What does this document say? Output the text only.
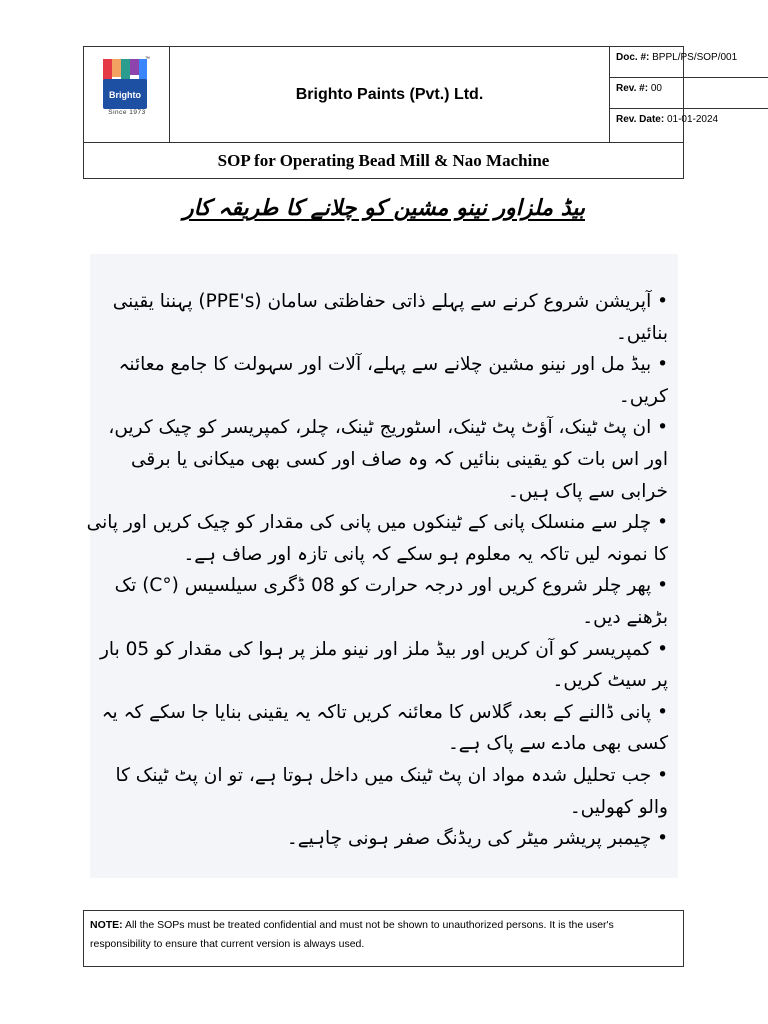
Brighto
™
Since 1973
Brighto Paints (Pvt.) Ltd.
Doc. #: BPPL/PS/SOP/001
Rev. #: 00
Rev. Date: 01-01-2024
SOP for Operating Bead Mill & Nao Machine
بیڈ ملزاور نینو مشین کو چلانے کا طریقہ کار
• آپریشن شروع کرنے سے پہلے ذاتی حفاظتی سامان (PPE's) پہننا یقینی بنائیں۔
• بیڈ مل اور نینو مشین چلانے سے پہلے، آلات اور سہولت کا جامع معائنہ کریں۔
• ان پٹ ٹینک، آؤٹ پٹ ٹینک، اسٹوریج ٹینک، چلر، کمپریسر کو چیک کریں، اور اس بات کو یقینی بنائیں کہ وہ صاف اور کسی بھی میکانی یا برقی خرابی سے پاک ہیں۔
• چلر سے منسلک پانی کے ٹینکوں میں پانی کی مقدار کو چیک کریں اور پانی کا نمونہ لیں تاکہ یہ معلوم ہو سکے کہ پانی تازہ اور صاف ہے۔
• پھر چلر شروع کریں اور درجہ حرارت کو 08 ڈگری سیلسیس (°C) تک بڑھنے دیں۔
• کمپریسر کو آن کریں اور بیڈ ملز اور نینو ملز پر ہوا کی مقدار کو 05 بار پر سیٹ کریں۔
• پانی ڈالنے کے بعد، گلاس کا معائنہ کریں تاکہ یہ یقینی بنایا جا سکے کہ یہ کسی بھی مادے سے پاک ہے۔
• جب تحلیل شدہ مواد ان پٹ ٹینک میں داخل ہوتا ہے، تو ان پٹ ٹینک کا والو کھولیں۔
• چیمبر پریشر میٹر کی ریڈنگ صفر ہونی چاہیے۔
NOTE: All the SOPs must be treated confidential and must not be shown to unauthorized persons. It is the user's responsibility to ensure that current version is always used.
